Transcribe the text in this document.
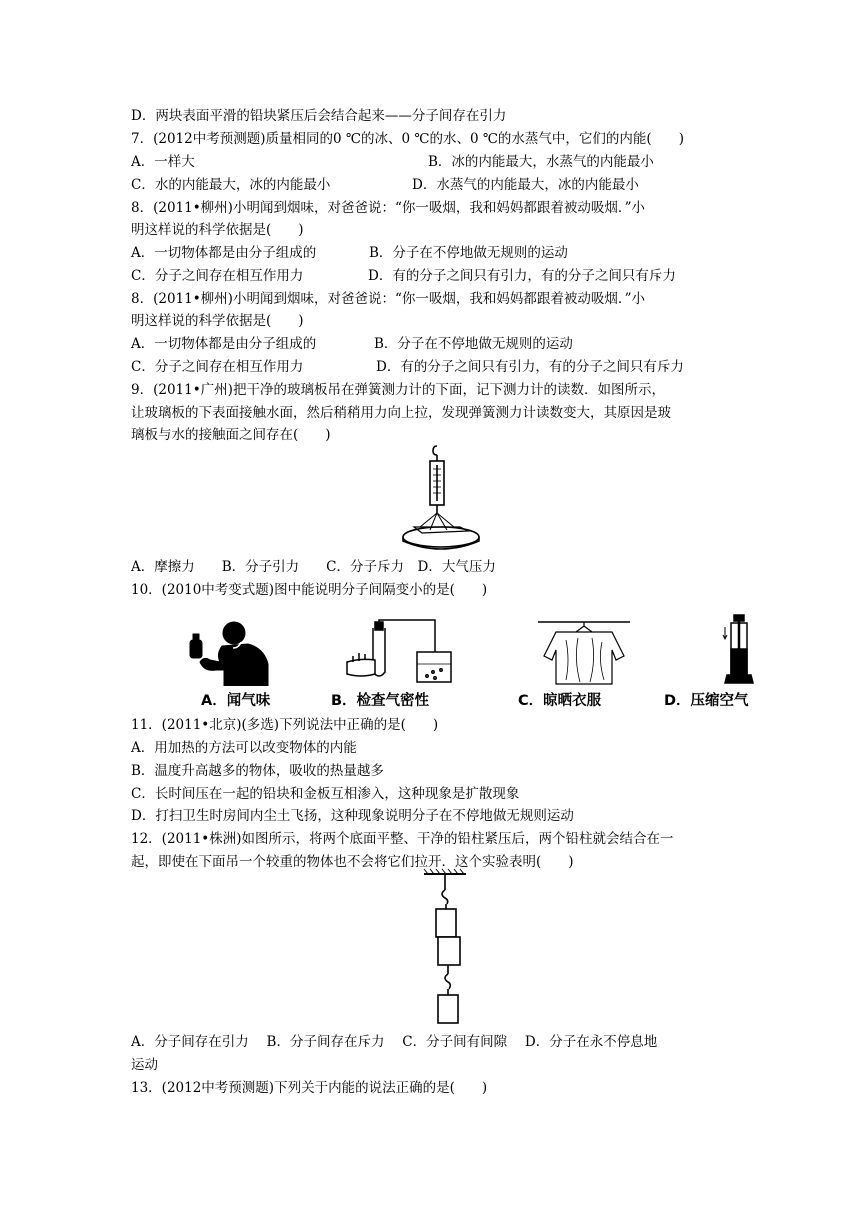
D．两块表面平滑的铅块紧压后会结合起来——分子间存在引力
7．(2012中考预测题)质量相同的0 ℃的冰、0 ℃的水、0 ℃的水蒸气中，它们的内能(　　)
A．一样大	B．冰的内能最大，水蒸气的内能最小
C．水的内能最大，冰的内能最小	D．水蒸气的内能最大，冰的内能最小
8．(2011•柳州)小明闻到烟味，对爸爸说：“你一吸烟，我和妈妈都跟着被动吸烟．”小
明这样说的科学依据是(　　)
A．一切物体都是由分子组成的	B．分子在不停地做无规则的运动
C．分子之间存在相互作用力	D．有的分子之间只有引力，有的分子之间只有斥力
8．(2011•柳州)小明闻到烟味，对爸爸说：“你一吸烟，我和妈妈都跟着被动吸烟．”小
明这样说的科学依据是(　　)
A．一切物体都是由分子组成的	B．分子在不停地做无规则的运动
C．分子之间存在相互作用力	D．有的分子之间只有引力，有的分子之间只有斥力
9．(2011•广州)把干净的玻璃板吊在弹簧测力计的下面，记下测力计的读数．如图所示，
让玻璃板的下表面接触水面，然后稍稍用力向上拉，发现弹簧测力计读数变大，其原因是玻
璃板与水的接触面之间存在(　　)
A．摩擦力　　B．分子引力　　C．分子斥力　D．大气压力
10．(2010中考变式题)图中能说明分子间隔变小的是(　　)
A．闻气味	B．检查气密性	C．晾晒衣服	D．压缩空气
11．(2011•北京)(多选)下列说法中正确的是(　　)
A．用加热的方法可以改变物体的内能
B．温度升高越多的物体，吸收的热量越多
C．长时间压在一起的铅块和金板互相渗入，这种现象是扩散现象
D．打扫卫生时房间内尘土飞扬，这种现象说明分子在不停地做无规则运动
12．(2011•株洲)如图所示，将两个底面平整、干净的铅柱紧压后，两个铅柱就会结合在一
起，即使在下面吊一个较重的物体也不会将它们拉开．这个实验表明(　　)
A．分子间存在引力　 B．分子间存在斥力　 C．分子间有间隙　 D．分子在永不停息地
运动
13．(2012中考预测题)下列关于内能的说法正确的是(　　)
